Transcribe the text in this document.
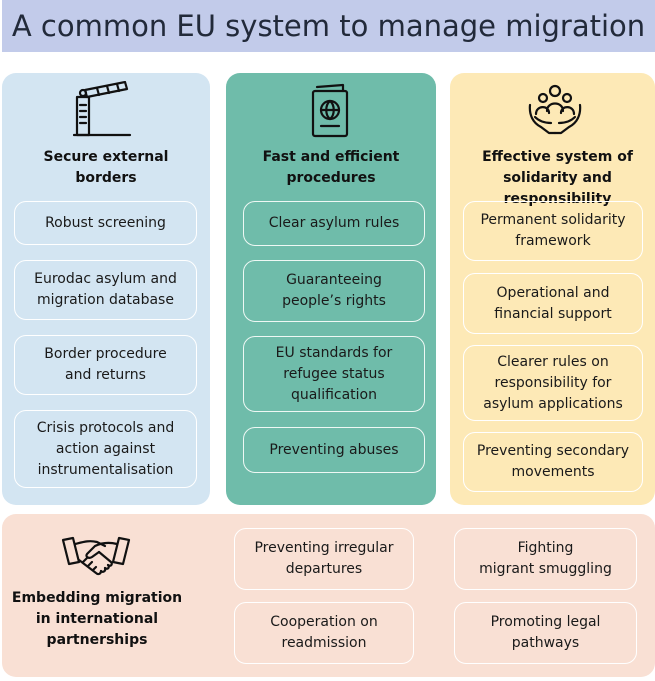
A common EU system to manage migration
Secure external
borders
Robust screening
Eurodac asylum and
migration database
Border procedure
and returns
Crisis protocols and
action against
instrumentalisation
Fast and efficient
procedures
Clear asylum rules
Guaranteeing
people’s rights
EU standards for
refugee status
qualification
Preventing abuses
Effective system of
solidarity and responsibility
Permanent solidarity
framework
Operational and
financial support
Clearer rules on
responsibility for
asylum applications
Preventing secondary
movements
Embedding migration
in international
partnerships
Preventing irregular
departures
Fighting
migrant smuggling
Cooperation on
readmission
Promoting legal
pathways
